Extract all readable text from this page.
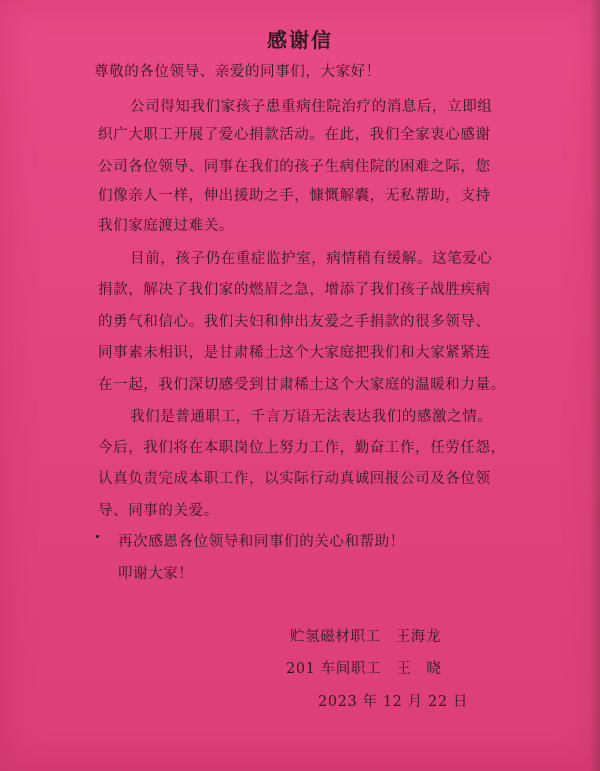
感谢信
尊敬的各位领导、亲爱的同事们，大家好！
公司得知我们家孩子患重病住院治疗的消息后，立即组
织广大职工开展了爱心捐款活动。在此，我们全家衷心感谢
公司各位领导、同事在我们的孩子生病住院的困难之际，您
们像亲人一样，伸出援助之手，慷慨解囊，无私帮助，支持
我们家庭渡过难关。
目前，孩子仍在重症监护室，病情稍有缓解。这笔爱心
捐款，解决了我们家的燃眉之急，增添了我们孩子战胜疾病
的勇气和信心。我们夫妇和伸出友爱之手捐款的很多领导、
同事素未相识，是甘肃稀土这个大家庭把我们和大家紧紧连
在一起，我们深切感受到甘肃稀土这个大家庭的温暖和力量。
我们是普通职工，千言万语无法表达我们的感激之情。
今后，我们将在本职岗位上努力工作，勤奋工作，任劳任怨，
认真负责完成本职工作，以实际行动真诚回报公司及各位领
导、同事的关爱。
再次感恩各位领导和同事们的关心和帮助！
叩谢大家！
贮氢磁材职工　王海龙
201 车间职工　王　晓
2023 年 12 月 22 日
